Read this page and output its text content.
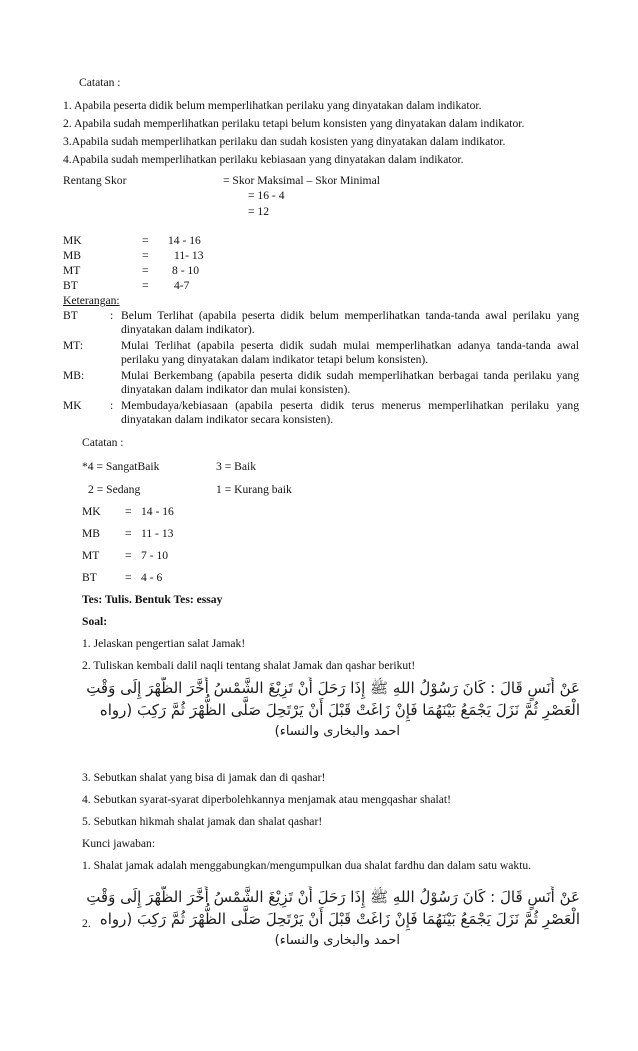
Catatan :
1. Apabila peserta didik belum memperlihatkan perilaku yang dinyatakan dalam indikator.
2. Apabila sudah memperlihatkan perilaku tetapi belum konsisten yang dinyatakan dalam indikator.
3.Apabila sudah memperlihatkan perilaku dan sudah kosisten yang dinyatakan dalam indikator.
4.Apabila sudah memperlihatkan perilaku kebiasaan yang dinyatakan dalam indikator.
Rentang Skor	= Skor Maksimal – Skor Minimal
= 16 - 4
= 12
MK	= 14 - 16
MB	= 11- 13
MT	= 8 - 10
BT	= 4-7
Keterangan:
BT	: Belum Terlihat (apabila peserta didik belum memperlihatkan tanda-tanda awal perilaku yang dinyatakan dalam indikator).
MT:	Mulai Terlihat (apabila peserta didik sudah mulai memperlihatkan adanya tanda-tanda awal perilaku yang dinyatakan dalam indikator tetapi belum konsisten).
MB:	Mulai Berkembang (apabila peserta didik sudah memperlihatkan berbagai tanda perilaku yang dinyatakan dalam indikator dan mulai konsisten).
MK : Membudaya/kebiasaan (apabila peserta didik terus menerus memperlihatkan perilaku yang dinyatakan dalam indikator secara konsisten).
Catatan :
*4 = SangatBaik	3 = Baik
2 = Sedang	1 = Kurang baik
MK = 14 - 16
MB = 11 - 13
MT = 7 - 10
BT = 4 - 6
Tes: Tulis. Bentuk Tes: essay
Soal:
1. Jelaskan pengertian salat Jamak!
2. Tuliskan kembali dalil naqli tentang shalat Jamak dan qashar berikut!
عَنْ أَنَسٍ قَالَ : كَانَ رَسُوْلُ اللهِ ﷺ إِذَا رَحَلَ أَنْ تَزِيْغَ الشَّمْسُ أَخَّرَ الظُّهْرَ إِلَى وَقْتِ
الْعَصْرِ ثُمَّ نَزَلَ يَجْمَعُ بَيْنَهُمَا فَإِنْ زَاغَتْ قَبْلَ أَنْ يَرْتَحِلَ صَلَّى الظُّهْرَ ثُمَّ رَكِبَ (رواه
احمد والبخارى والنساء)
3. Sebutkan shalat yang bisa di jamak dan di qashar!
4. Sebutkan syarat-syarat diperbolehkannya menjamak atau mengqashar shalat!
5. Sebutkan hikmah shalat jamak dan shalat qashar!
Kunci jawaban:
1. Shalat jamak adalah menggabungkan/mengumpulkan dua shalat fardhu dan dalam satu waktu.
2.
عَنْ أَنَسٍ قَالَ : كَانَ رَسُوْلُ اللهِ ﷺ إِذَا رَحَلَ أَنْ تَزِيْغَ الشَّمْسُ أَخَّرَ الظُّهْرَ إِلَى وَقْتِ
الْعَصْرِ ثُمَّ نَزَلَ يَجْمَعُ بَيْنَهُمَا فَإِنْ زَاغَتْ قَبْلَ أَنْ يَرْتَحِلَ صَلَّى الظُّهْرَ ثُمَّ رَكِبَ (رواه
احمد والبخارى والنساء)
